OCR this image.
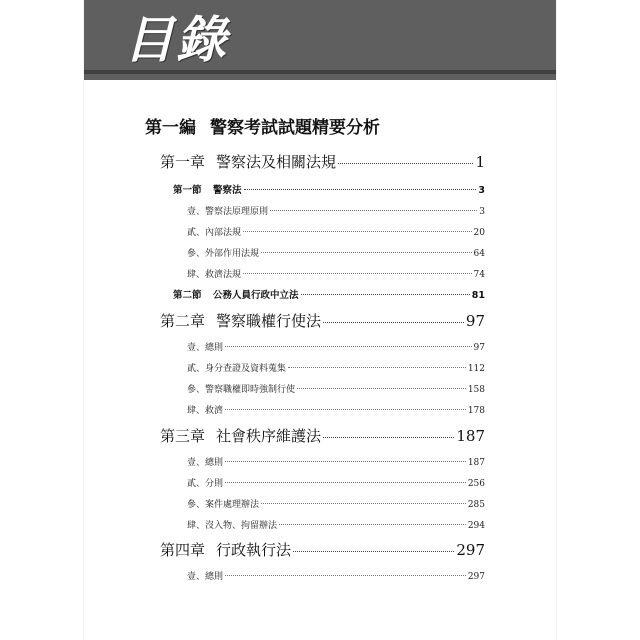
目錄
第一編 警察考試試題精要分析
第一章 警察法及相關法規	1
第一節 警察法	3
壹、警察法原理原則	3
貳、內部法規	20
參、外部作用法規	64
肆、救濟法規	74
第二節 公務人員行政中立法	81
第二章 警察職權行使法	97
壹、總則	97
貳、身分查證及資料蒐集	112
參、警察職權即時強制行使	158
肆、救濟	178
第三章 社會秩序維護法	187
壹、總則	187
貳、分則	256
參、案件處理辦法	285
肆、沒入物、拘留辦法	294
第四章 行政執行法	297
壹、總則	297
